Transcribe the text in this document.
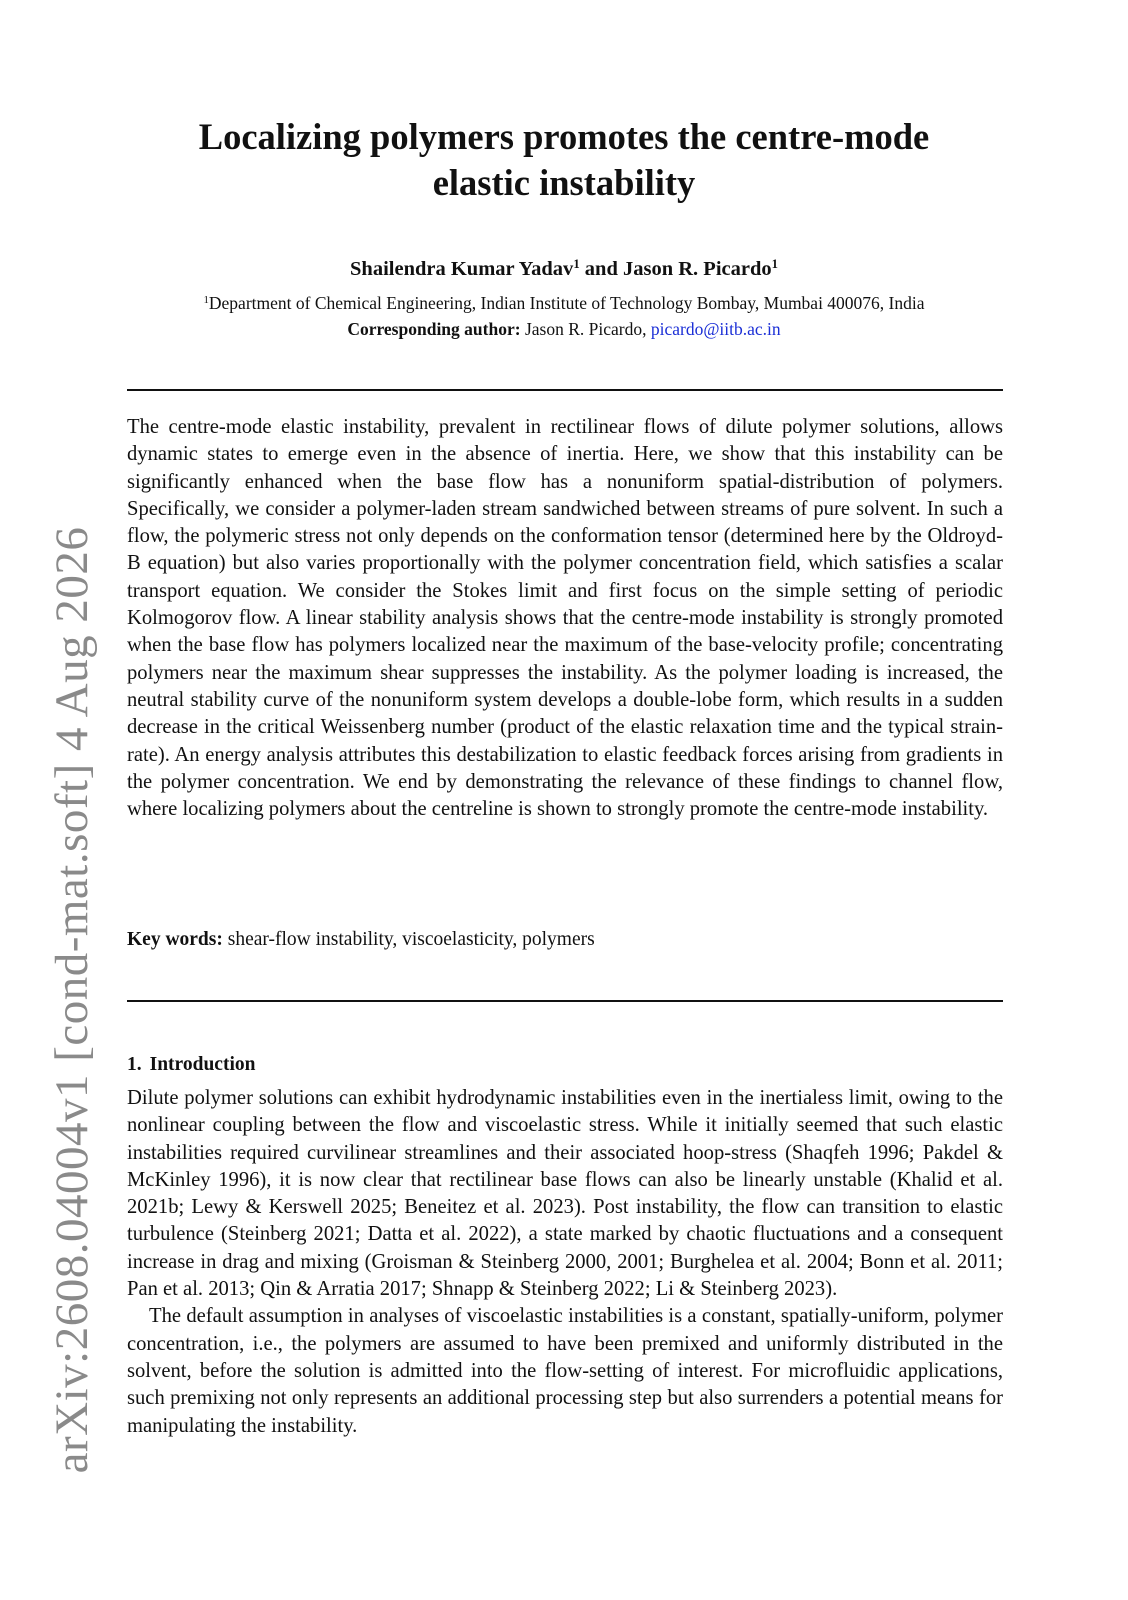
arXiv:2608.04004v1 [cond-mat.soft] 4 Aug 2026
Localizing polymers promotes the centre-mode elastic instability
Shailendra Kumar Yadav$^1$ and Jason R. Picardo$^1$
$^1$Department of Chemical Engineering, Indian Institute of Technology Bombay, Mumbai 400076, India
Corresponding author: Jason R. Picardo, picardo@iitb.ac.in

The centre-mode elastic instability, prevalent in rectilinear flows of dilute polymer solutions, allows dynamic states to emerge even in the absence of inertia. Here, we show that this instability can be significantly enhanced when the base flow has a nonuniform spatial-distribution of polymers. Specifically, we consider a polymer-laden stream sandwiched between streams of pure solvent. In such a flow, the polymeric stress not only depends on the conformation tensor (determined here by the Oldroyd-B equation) but also varies proportionally with the polymer concentration field, which satisfies a scalar transport equation. We consider the Stokes limit and first focus on the simple setting of periodic Kolmogorov flow. A linear stability analysis shows that the centre-mode instability is strongly promoted when the base flow has polymers localized near the maximum of the base-velocity profile; concentrating polymers near the maximum shear suppresses the instability. As the polymer loading is increased, the neutral stability curve of the nonuniform system develops a double-lobe form, which results in a sudden decrease in the critical Weissenberg number (product of the elastic relaxation time and the typical strainrate). An energy analysis attributes this destabilization to elastic feedback forces arising from gradients in the polymer concentration. We end by demonstrating the relevance of these findings to channel flow, where localizing polymers about the centreline is shown to strongly promote the centre-mode instability.

Key words: shear-flow instability, viscoelasticity, polymers
1. Introduction

Dilute polymer solutions can exhibit hydrodynamic instabilities even in the inertialess limit, owing to the nonlinear coupling between the flow and viscoelastic stress. While it initially seemed that such elastic instabilities required curvilinear streamlines and their associated hoop-stress (Shaqfeh 1996; Pakdel & McKinley 1996), it is now clear that rectilinear base flows can also be linearly unstable (Khalid et al. 2021b; Lewy & Kerswell 2025; Beneitez et al. 2023). Post instability, the flow can transition to elastic turbulence (Steinberg 2021; Datta et al. 2022), a state marked by chaotic fluctuations and a consequent increase in drag and mixing (Groisman & Steinberg 2000, 2001; Burghelea et al. 2004; Bonn et al. 2011; Pan et al. 2013; Qin & Arratia 2017; Shnapp & Steinberg 2022; Li & Steinberg 2023).

The default assumption in analyses of viscoelastic instabilities is a constant, spatially-uniform, polymer concentration, i.e., the polymers are assumed to have been premixed and uniformly distributed in the solvent, before the solution is admitted into the flow-setting of interest. For microfluidic applications, such premixing not only represents an additional processing step but also surrenders a potential means for manipulating the instability.
